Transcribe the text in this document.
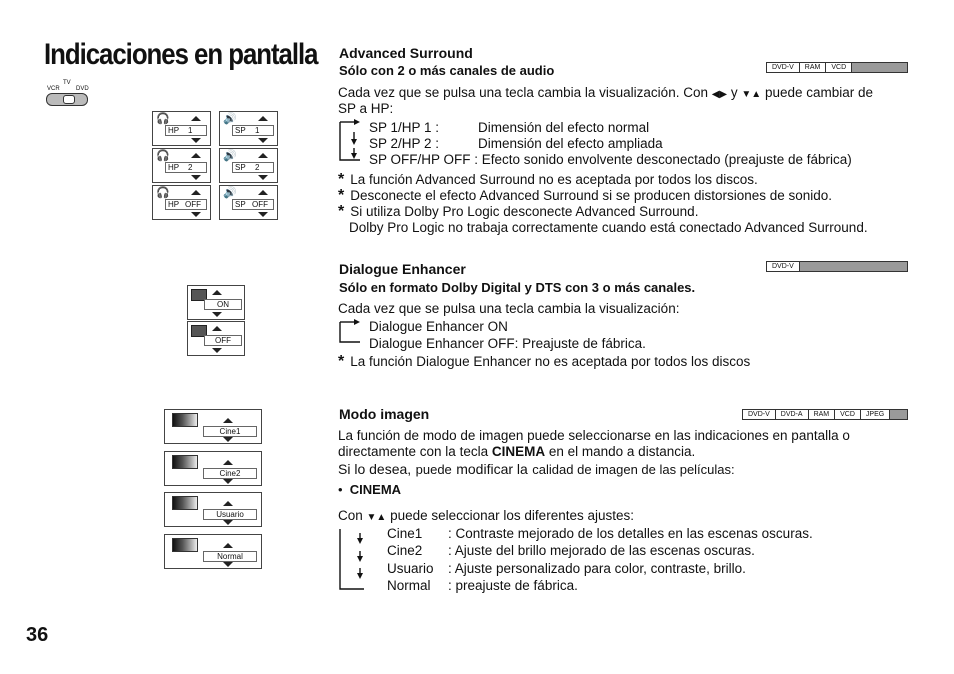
Indicaciones en pantalla
TV
VCR	DVD
🎧
HP 1
🔊
SP 1
🎧
HP 2
🔊
SP 2
🎧
HP OFF
🔊
SP OFF
ON
OFF
Cine1
Cine2
Usuario
Normal
Advanced Surround
Sólo con 2 o más canales de audio	DVD-V	RAM	VCD
Cada vez que se pulsa una tecla cambia la visualización. Con ◀▶ y ▼▲ puede cambiar de
SP a HP:
SP 1/HP 1 :	Dimensión del efecto normal
SP 2/HP 2 :	Dimensión del efecto ampliada
SP OFF/HP OFF : Efecto sonido envolvente desconectado (preajuste de fábrica)
* La función Advanced Surround no es aceptada por todos los discos.
* Desconecte el efecto Advanced Surround si se producen distorsiones de sonido.
* Si utiliza Dolby Pro Logic desconecte Advanced Surround.
Dolby Pro Logic no trabaja correctamente cuando está conectado Advanced Surround.
Dialogue Enhancer	DVD-V
Sólo en formato Dolby Digital y DTS con 3 o más canales.
Cada vez que se pulsa una tecla cambia la visualización:
Dialogue Enhancer ON
Dialogue Enhancer OFF: Preajuste de fábrica.
* La función Dialogue Enhancer no es aceptada por todos los discos
Modo imagen	DVD-V	DVD-A	RAM	VCD	JPEG
La función de modo de imagen puede seleccionarse en las indicaciones en pantalla o
directamente con la tecla CINEMA en el mando a distancia.
Si lo desea, puede modificar la calidad de imagen de las películas:
• CINEMA
Con ▼▲ puede seleccionar los diferentes ajustes:
Cine1 : Contraste mejorado de los detalles en las escenas oscuras.
Cine2 : Ajuste del brillo mejorado de las escenas oscuras.
Usuario : Ajuste personalizado para color, contraste, brillo.
Normal : preajuste de fábrica.
36
